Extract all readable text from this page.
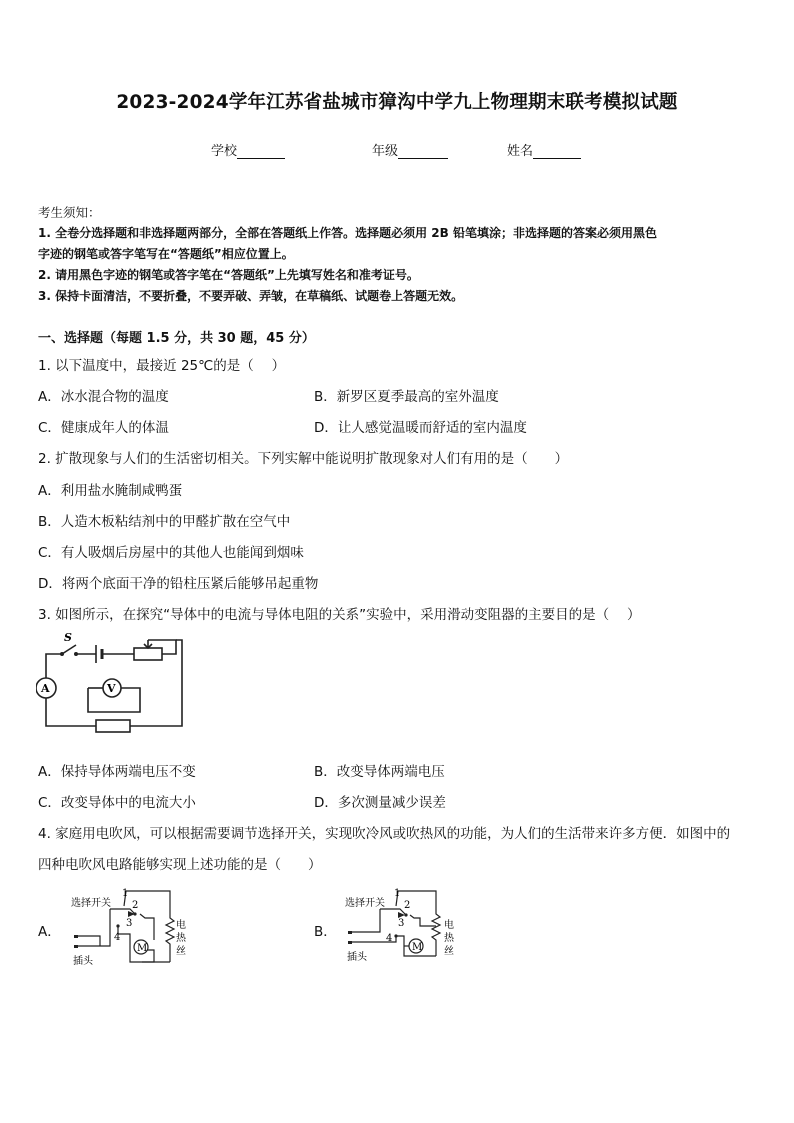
2023-2024学年江苏省盐城市獐沟中学九上物理期末联考模拟试题
学校	年级	姓名
考生须知：
1. 全卷分选择题和非选择题两部分，全部在答题纸上作答。选择题必须用 2B 铅笔填涂；非选择题的答案必须用黑色
字迹的钢笔或答字笔写在“答题纸”相应位置上。
2. 请用黑色字迹的钢笔或答字笔在“答题纸”上先填写姓名和准考证号。
3. 保持卡面清洁，不要折叠，不要弄破、弄皱，在草稿纸、试题卷上答题无效。
一、选择题（每题 1.5 分，共 30 题，45 分）
1. 以下温度中，最接近 25℃的是（　 ）
A．冰水混合物的温度	B．新罗区夏季最高的室外温度
C．健康成年人的体温	D．让人感觉温暖而舒适的室内温度
2. 扩散现象与人们的生活密切相关。下列实解中能说明扩散现象对人们有用的是（　　）
A．利用盐水腌制咸鸭蛋
B．人造木板粘结剂中的甲醛扩散在空气中
C．有人吸烟后房屋中的其他人也能闻到烟味
D．将两个底面干净的铅柱压紧后能够吊起重物
3. 如图所示，在探究“导体中的电流与导体电阻的关系”实验中，采用滑动变阻器的主要目的是（　 ）
S
A	V
A．保持导体两端电压不变	B．改变导体两端电压
C．改变导体中的电流大小	D．多次测量减少误差
4. 家庭用电吹风，可以根据需要调节选择开关，实现吹冷风或吹热风的功能，为人们的生活带来许多方便．如图中的
四种电吹风电路能够实现上述功能的是（　　）
A．	B．
1
2
3
4
选择开关
插头
M
电
热
丝
1
2
3
4
选择开关
插头
M
电
热
丝
